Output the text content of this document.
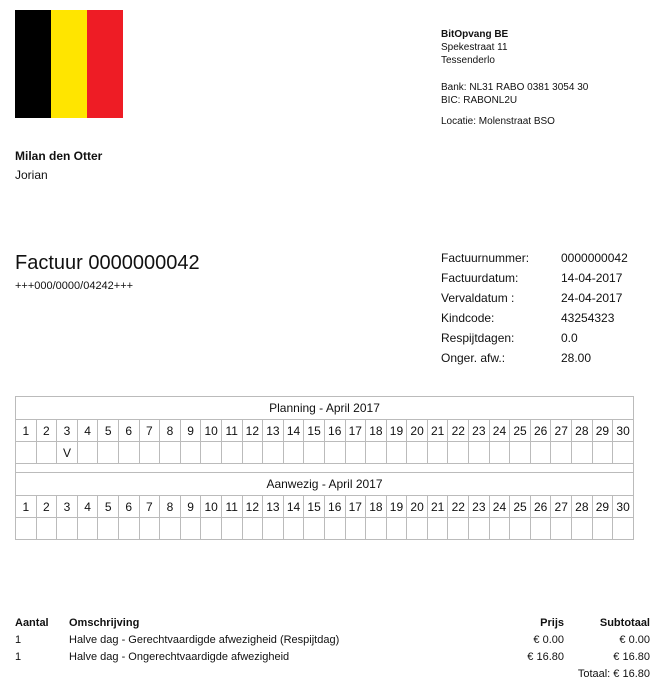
BitOpvang BE
Spekestraat 11
Tessenderlo
Bank: NL31 RABO 0381 3054 30
BIC: RABONL2U
Locatie: Molenstraat BSO
Milan den Otter
Jorian
Factuur 0000000042
+++000/0000/04242+++
Factuurnummer:	0000000042
Factuurdatum:	14-04-2017
Vervaldatum :	24-04-2017
Kindcode:	43254323
Respijtdagen:	0.0
Onger. afw.:	28.00
Planning - April 2017																													
1	2	3	4	5	6	7	8	9	10	11	12	13	14	15	16	17	18	19	20	21	22	23	24	25	26	27	28	29	30
		V																											

Aanwezig - April 2017																													
1	2	3	4	5	6	7	8	9	10	11	12	13	14	15	16	17	18	19	20	21	22	23	24	25	26	27	28	29	30

Aantal	Omschrijving	Prijs	Subtotaal
1	Halve dag - Gerechtvaardigde afwezigheid (Respijtdag)	€ 0.00	€ 0.00
1	Halve dag - Ongerechtvaardigde afwezigheid	€ 16.80	€ 16.80
Totaal: € 16.80			
